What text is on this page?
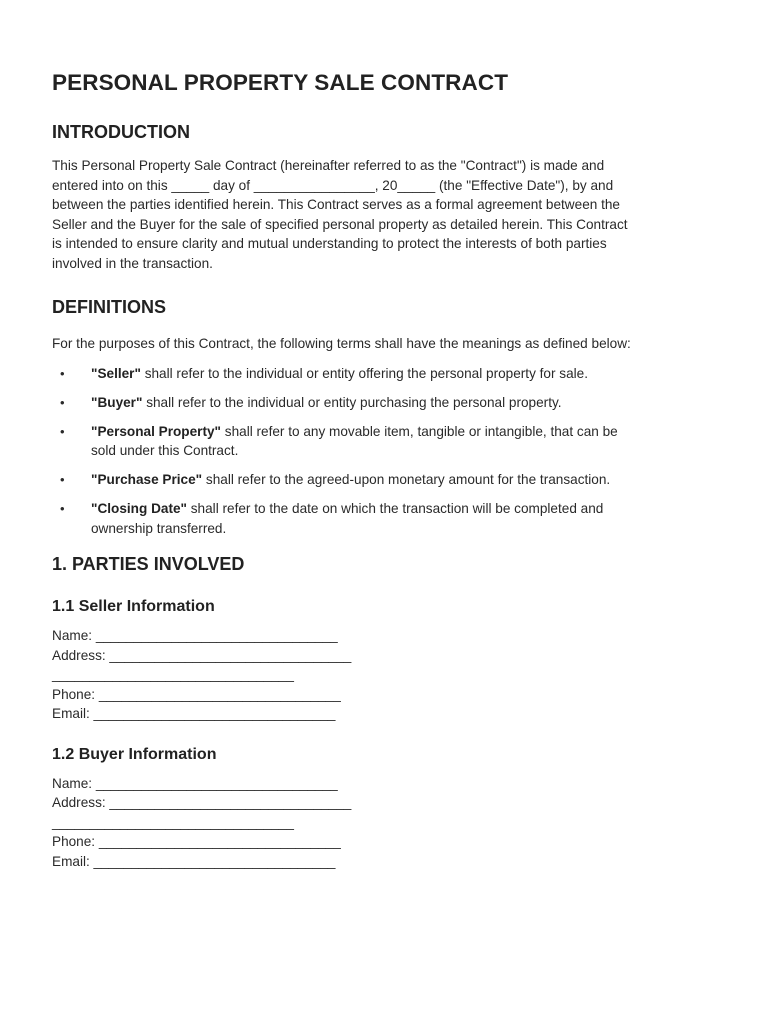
PERSONAL PROPERTY SALE CONTRACT
INTRODUCTION

This Personal Property Sale Contract (hereinafter referred to as the "Contract") is made and
entered into on this _____ day of ________________, 20_____ (the "Effective Date"), by and
between the parties identified herein. This Contract serves as a formal agreement between the
Seller and the Buyer for the sale of specified personal property as detailed herein. This Contract
is intended to ensure clarity and mutual understanding to protect the interests of both parties
involved in the transaction.

DEFINITIONS

For the purposes of this Contract, the following terms shall have the meanings as defined below:

• "Seller" shall refer to the individual or entity offering the personal property for sale.
• "Buyer" shall refer to the individual or entity purchasing the personal property.
• "Personal Property" shall refer to any movable item, tangible or intangible, that can be
sold under this Contract.
• "Purchase Price" shall refer to the agreed-upon monetary amount for the transaction.
• "Closing Date" shall refer to the date on which the transaction will be completed and
ownership transferred.
1. PARTIES INVOLVED
1.1 Seller Information

Name: ________________________________

Address: ________________________________

________________________________

Phone: ________________________________

Email: ________________________________

1.2 Buyer Information

Name: ________________________________

Address: ________________________________

________________________________

Phone: ________________________________

Email: ________________________________
